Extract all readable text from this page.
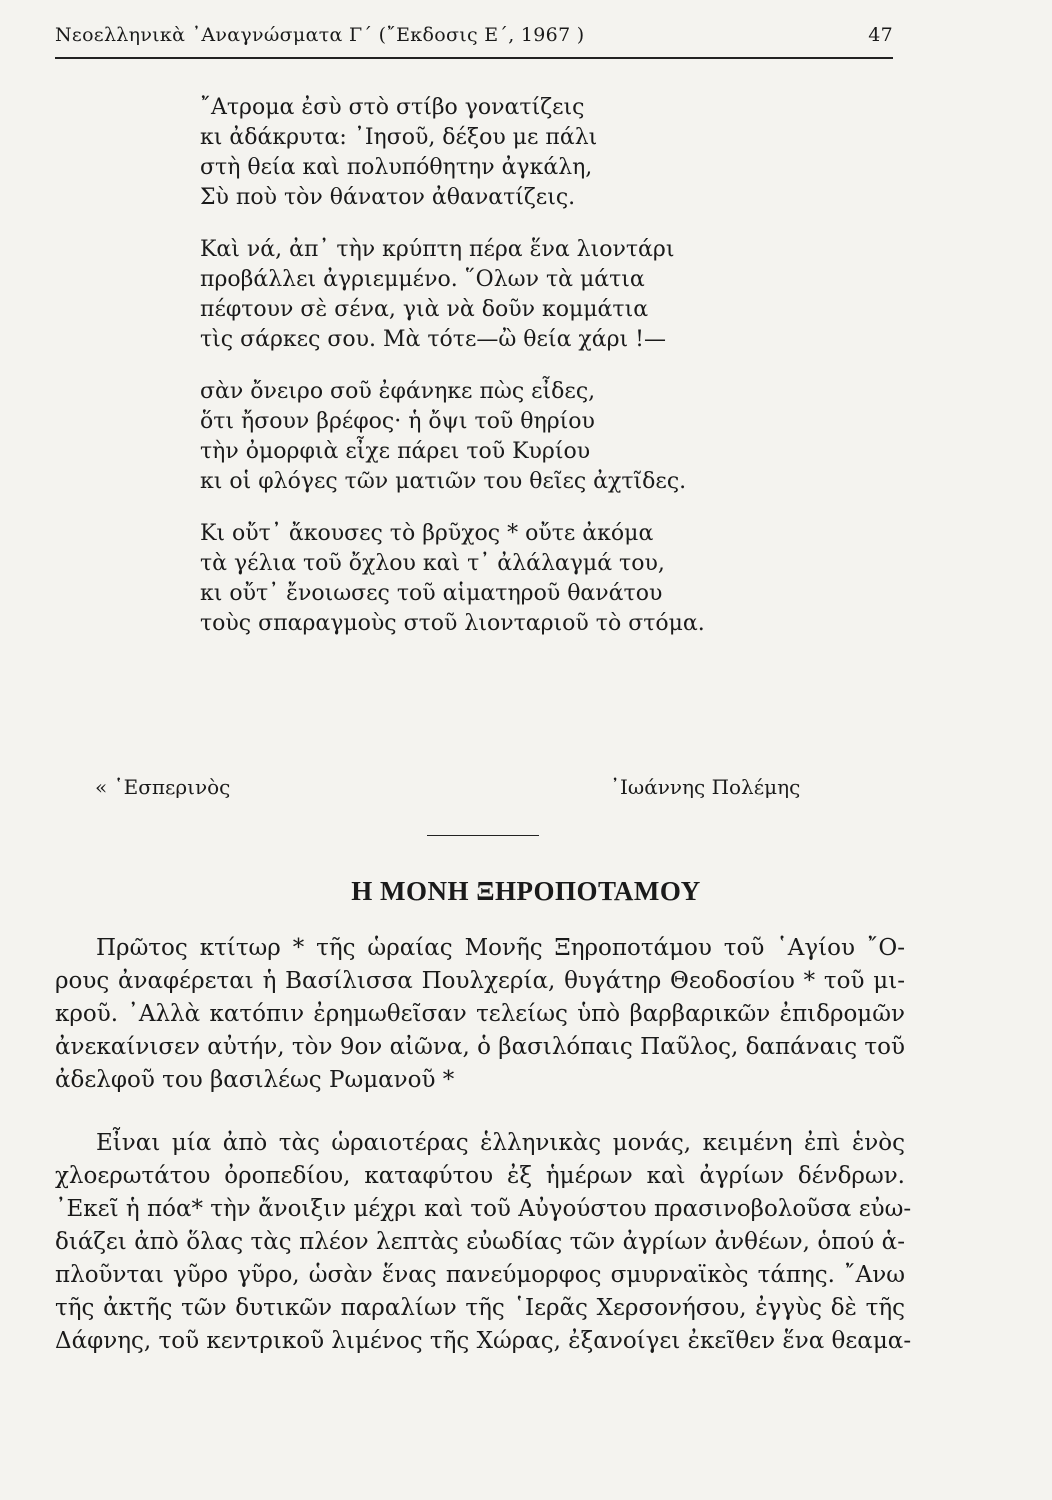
Νεοελληνικὰ ᾿Αναγνώσματα Γ΄ (῎Εκδοσις Ε΄, 1967 )	47
῎Ατρομα ἐσὺ στὸ στίβο γονατίζεις
κι ἀδάκρυτα: ᾿Ιησοῦ, δέξου με πάλι
στὴ θεία καὶ πολυπόθητην ἀγκάλη,
Σὺ ποὺ τὸν θάνατον ἀθανατίζεις.
Καὶ νά, ἀπ᾿ τὴν κρύπτη πέρα ἕνα λιοντάρι
προβάλλει ἀγριεμμένο. ῞Ολων τὰ μάτια
πέφτουν σὲ σένα, γιὰ νὰ δοῦν κομμάτια
τὶς σάρκες σου. Μὰ τότε—ὢ θεία χάρι !—
σὰν ὄνειρο σοῦ ἐφάνηκε πὼς εἶδες,
ὅτι ἤσουν βρέφος· ἡ ὄψι τοῦ θηρίου
τὴν ὀμορφιὰ εἶχε πάρει τοῦ Κυρίου
κι οἱ φλόγες τῶν ματιῶν του θεῖες ἀχτῖδες.
Κι οὔτ᾿ ἄκουσες τὸ βρῦχος * οὔτε ἀκόμα
τὰ γέλια τοῦ ὄχλου καὶ τ᾿ ἀλάλαγμά του,
κι οὔτ᾿ ἔνοιωσες τοῦ αἱματηροῦ θανάτου
τοὺς σπαραγμοὺς στοῦ λιονταριοῦ τὸ στόμα.
« ῾Εσπερινὸς	᾿Ιωάννης Πολέμης
Η ΜΟΝΗ ΞΗΡΟΠΟΤΑΜΟΥ
Πρῶτος κτίτωρ * τῆς ὡραίας Μονῆς Ξηροποτάμου τοῦ ῾Αγίου ῎Ο-
ρους ἀναφέρεται ἡ Βασίλισσα Πουλχερία, θυγάτηρ Θεοδοσίου * τοῦ μι-
κροῦ. ᾿Αλλὰ κατόπιν ἐρημωθεῖσαν τελείως ὑπὸ βαρβαρικῶν ἐπιδρομῶν
ἀνεκαίνισεν αὐτήν, τὸν 9ον αἰῶνα, ὁ βασιλόπαις Παῦλος, δαπάναις τοῦ
ἀδελφοῦ του βασιλέως Ρωμανοῦ *
Εἶναι μία ἀπὸ τὰς ὡραιοτέρας ἑλληνικὰς μονάς, κειμένη ἐπὶ ἑνὸς
χλοερωτάτου ὀροπεδίου, καταφύτου ἐξ ἡμέρων καὶ ἀγρίων δένδρων.
᾿Εκεῖ ἡ πόα* τὴν ἄνοιξιν μέχρι καὶ τοῦ Αὐγούστου πρασινοβολοῦσα εὐω-
διάζει ἀπὸ ὅλας τὰς πλέον λεπτὰς εὐωδίας τῶν ἀγρίων ἀνθέων, ὁπού ἁ-
πλοῦνται γῦρο γῦρο, ὡσὰν ἕνας πανεύμορφος σμυρναϊκὸς τάπης. ῎Ανω
τῆς ἀκτῆς τῶν δυτικῶν παραλίων τῆς ῾Ιερᾶς Χερσονήσου, ἐγγὺς δὲ τῆς
Δάφνης, τοῦ κεντρικοῦ λιμένος τῆς Χώρας, ἐξανοίγει ἐκεῖθεν ἕνα θεαμα-
